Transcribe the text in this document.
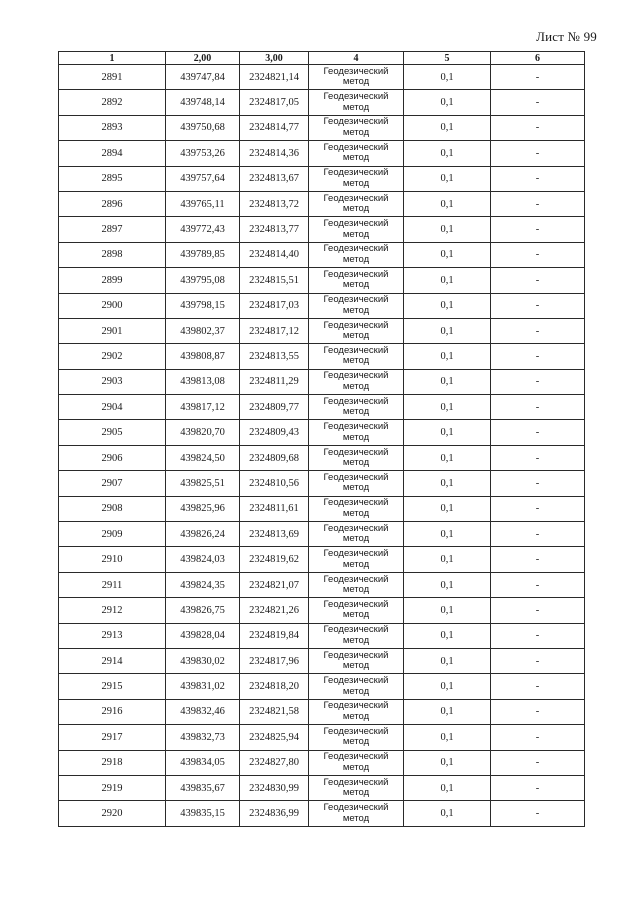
Лист № 99
1	2,00	3,00	4	5	6
2891	439747,84	2324821,14	Геодезический
метод	0,1	-
2892	439748,14	2324817,05	Геодезический
метод	0,1	-
2893	439750,68	2324814,77	Геодезический
метод	0,1	-
2894	439753,26	2324814,36	Геодезический
метод	0,1	-
2895	439757,64	2324813,67	Геодезический
метод	0,1	-
2896	439765,11	2324813,72	Геодезический
метод	0,1	-
2897	439772,43	2324813,77	Геодезический
метод	0,1	-
2898	439789,85	2324814,40	Геодезический
метод	0,1	-
2899	439795,08	2324815,51	Геодезический
метод	0,1	-
2900	439798,15	2324817,03	Геодезический
метод	0,1	-
2901	439802,37	2324817,12	Геодезический
метод	0,1	-
2902	439808,87	2324813,55	Геодезический
метод	0,1	-
2903	439813,08	2324811,29	Геодезический
метод	0,1	-
2904	439817,12	2324809,77	Геодезический
метод	0,1	-
2905	439820,70	2324809,43	Геодезический
метод	0,1	-
2906	439824,50	2324809,68	Геодезический
метод	0,1	-
2907	439825,51	2324810,56	Геодезический
метод	0,1	-
2908	439825,96	2324811,61	Геодезический
метод	0,1	-
2909	439826,24	2324813,69	Геодезический
метод	0,1	-
2910	439824,03	2324819,62	Геодезический
метод	0,1	-
2911	439824,35	2324821,07	Геодезический
метод	0,1	-
2912	439826,75	2324821,26	Геодезический
метод	0,1	-
2913	439828,04	2324819,84	Геодезический
метод	0,1	-
2914	439830,02	2324817,96	Геодезический
метод	0,1	-
2915	439831,02	2324818,20	Геодезический
метод	0,1	-
2916	439832,46	2324821,58	Геодезический
метод	0,1	-
2917	439832,73	2324825,94	Геодезический
метод	0,1	-
2918	439834,05	2324827,80	Геодезический
метод	0,1	-
2919	439835,67	2324830,99	Геодезический
метод	0,1	-
2920	439835,15	2324836,99	Геодезический
метод	0,1	-
